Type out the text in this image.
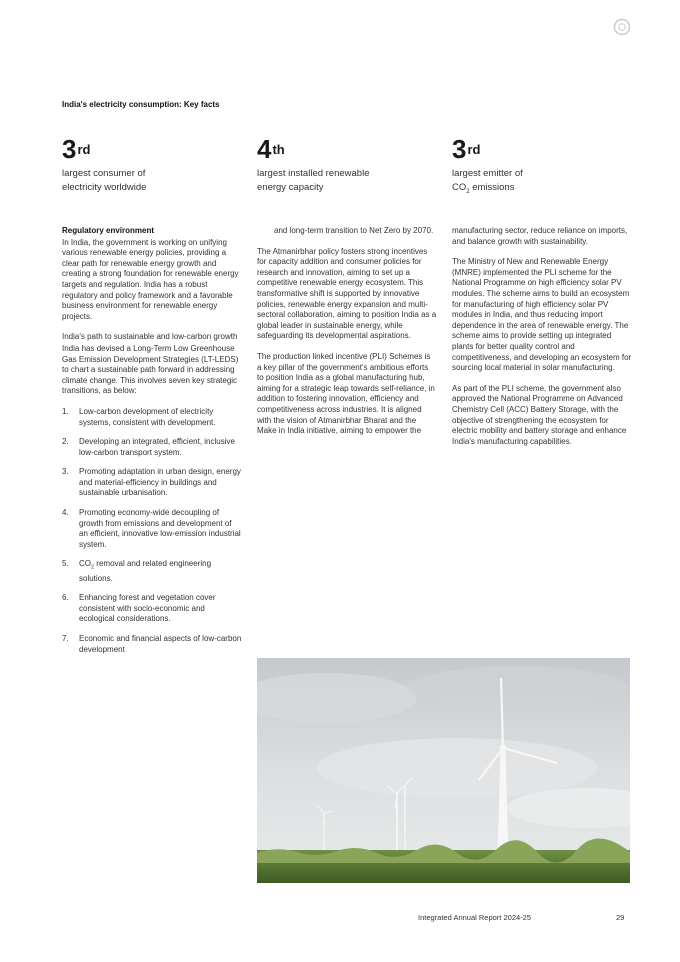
India's electricity consumption: Key facts
3rd
largest consumer of
electricity worldwide
4th
largest installed renewable
energy capacity
3rd
largest emitter of
$CO_2$ emissions
Regulatory environment

In India, the government is working on unifying various renewable energy policies, providing a clear path for renewable energy growth and creating a strong foundation for renewable energy targets and regulation. India has a robust regulatory and policy framework and a favorable business environment for renewable energy projects.

India's path to sustainable and low-carbon growth

India has devised a Long-Term Low Greenhouse Gas Emission Development Strategies (LT-LEDS) to chart a sustainable path forward in addressing climate change. This involves seven key strategic transitions, as below:

1. Low-carbon development of electricity systems, consistent with development.
2. Developing an integrated, efficient, inclusive low-carbon transport system.
3. Promoting adaptation in urban design, energy and material-efficiency in buildings and sustainable urbanisation.
4. Promoting economy-wide decoupling of growth from emissions and development of an efficient, innovative low-emission industrial system.
5. $CO_2$ removal and related engineering solutions.
6. Enhancing forest and vegetation cover consistent with socio-economic and ecological considerations.
7. Economic and financial aspects of low-carbon development

and long-term transition to Net Zero by 2070.

The Atmanirbhar policy fosters strong incentives for capacity addition and consumer policies for research and innovation, aiming to set up a competitive renewable energy ecosystem. This transformative shift is supported by innovative policies, renewable energy expansion and multi-sectoral collaboration, aiming to position India as a global leader in sustainable energy, while safeguarding its developmental aspirations.

The production linked incentive (PLI) Schemes is a key pillar of the government's ambitious efforts to position India as a global manufacturing hub, aiming for a strategic leap towards self-reliance, in addition to fostering innovation, efficiency and competitiveness across industries. It is aligned with the vision of Atmanirbhar Bharat and the Make in India initiative, aiming to empower the

manufacturing sector, reduce reliance on imports, and balance growth with sustainability.

The Ministry of New and Renewable Energy (MNRE) implemented the PLI scheme for the National Programme on high efficiency solar PV modules. The scheme aims to build an ecosystem for manufacturing of high efficiency solar PV modules in India, and thus reducing import dependence in the area of renewable energy. The scheme aims to provide setting up integrated plants for better quality control and competitiveness, and developing an ecosystem for sourcing local material in solar manufacturing.

As part of the PLI scheme, the government also approved the National Programme on Advanced Chemistry Cell (ACC) Battery Storage, with the objective of strengthening the ecosystem for electric mobility and battery storage and enhance India's manufacturing capabilities.

Integrated Annual Report 2024-25	29
